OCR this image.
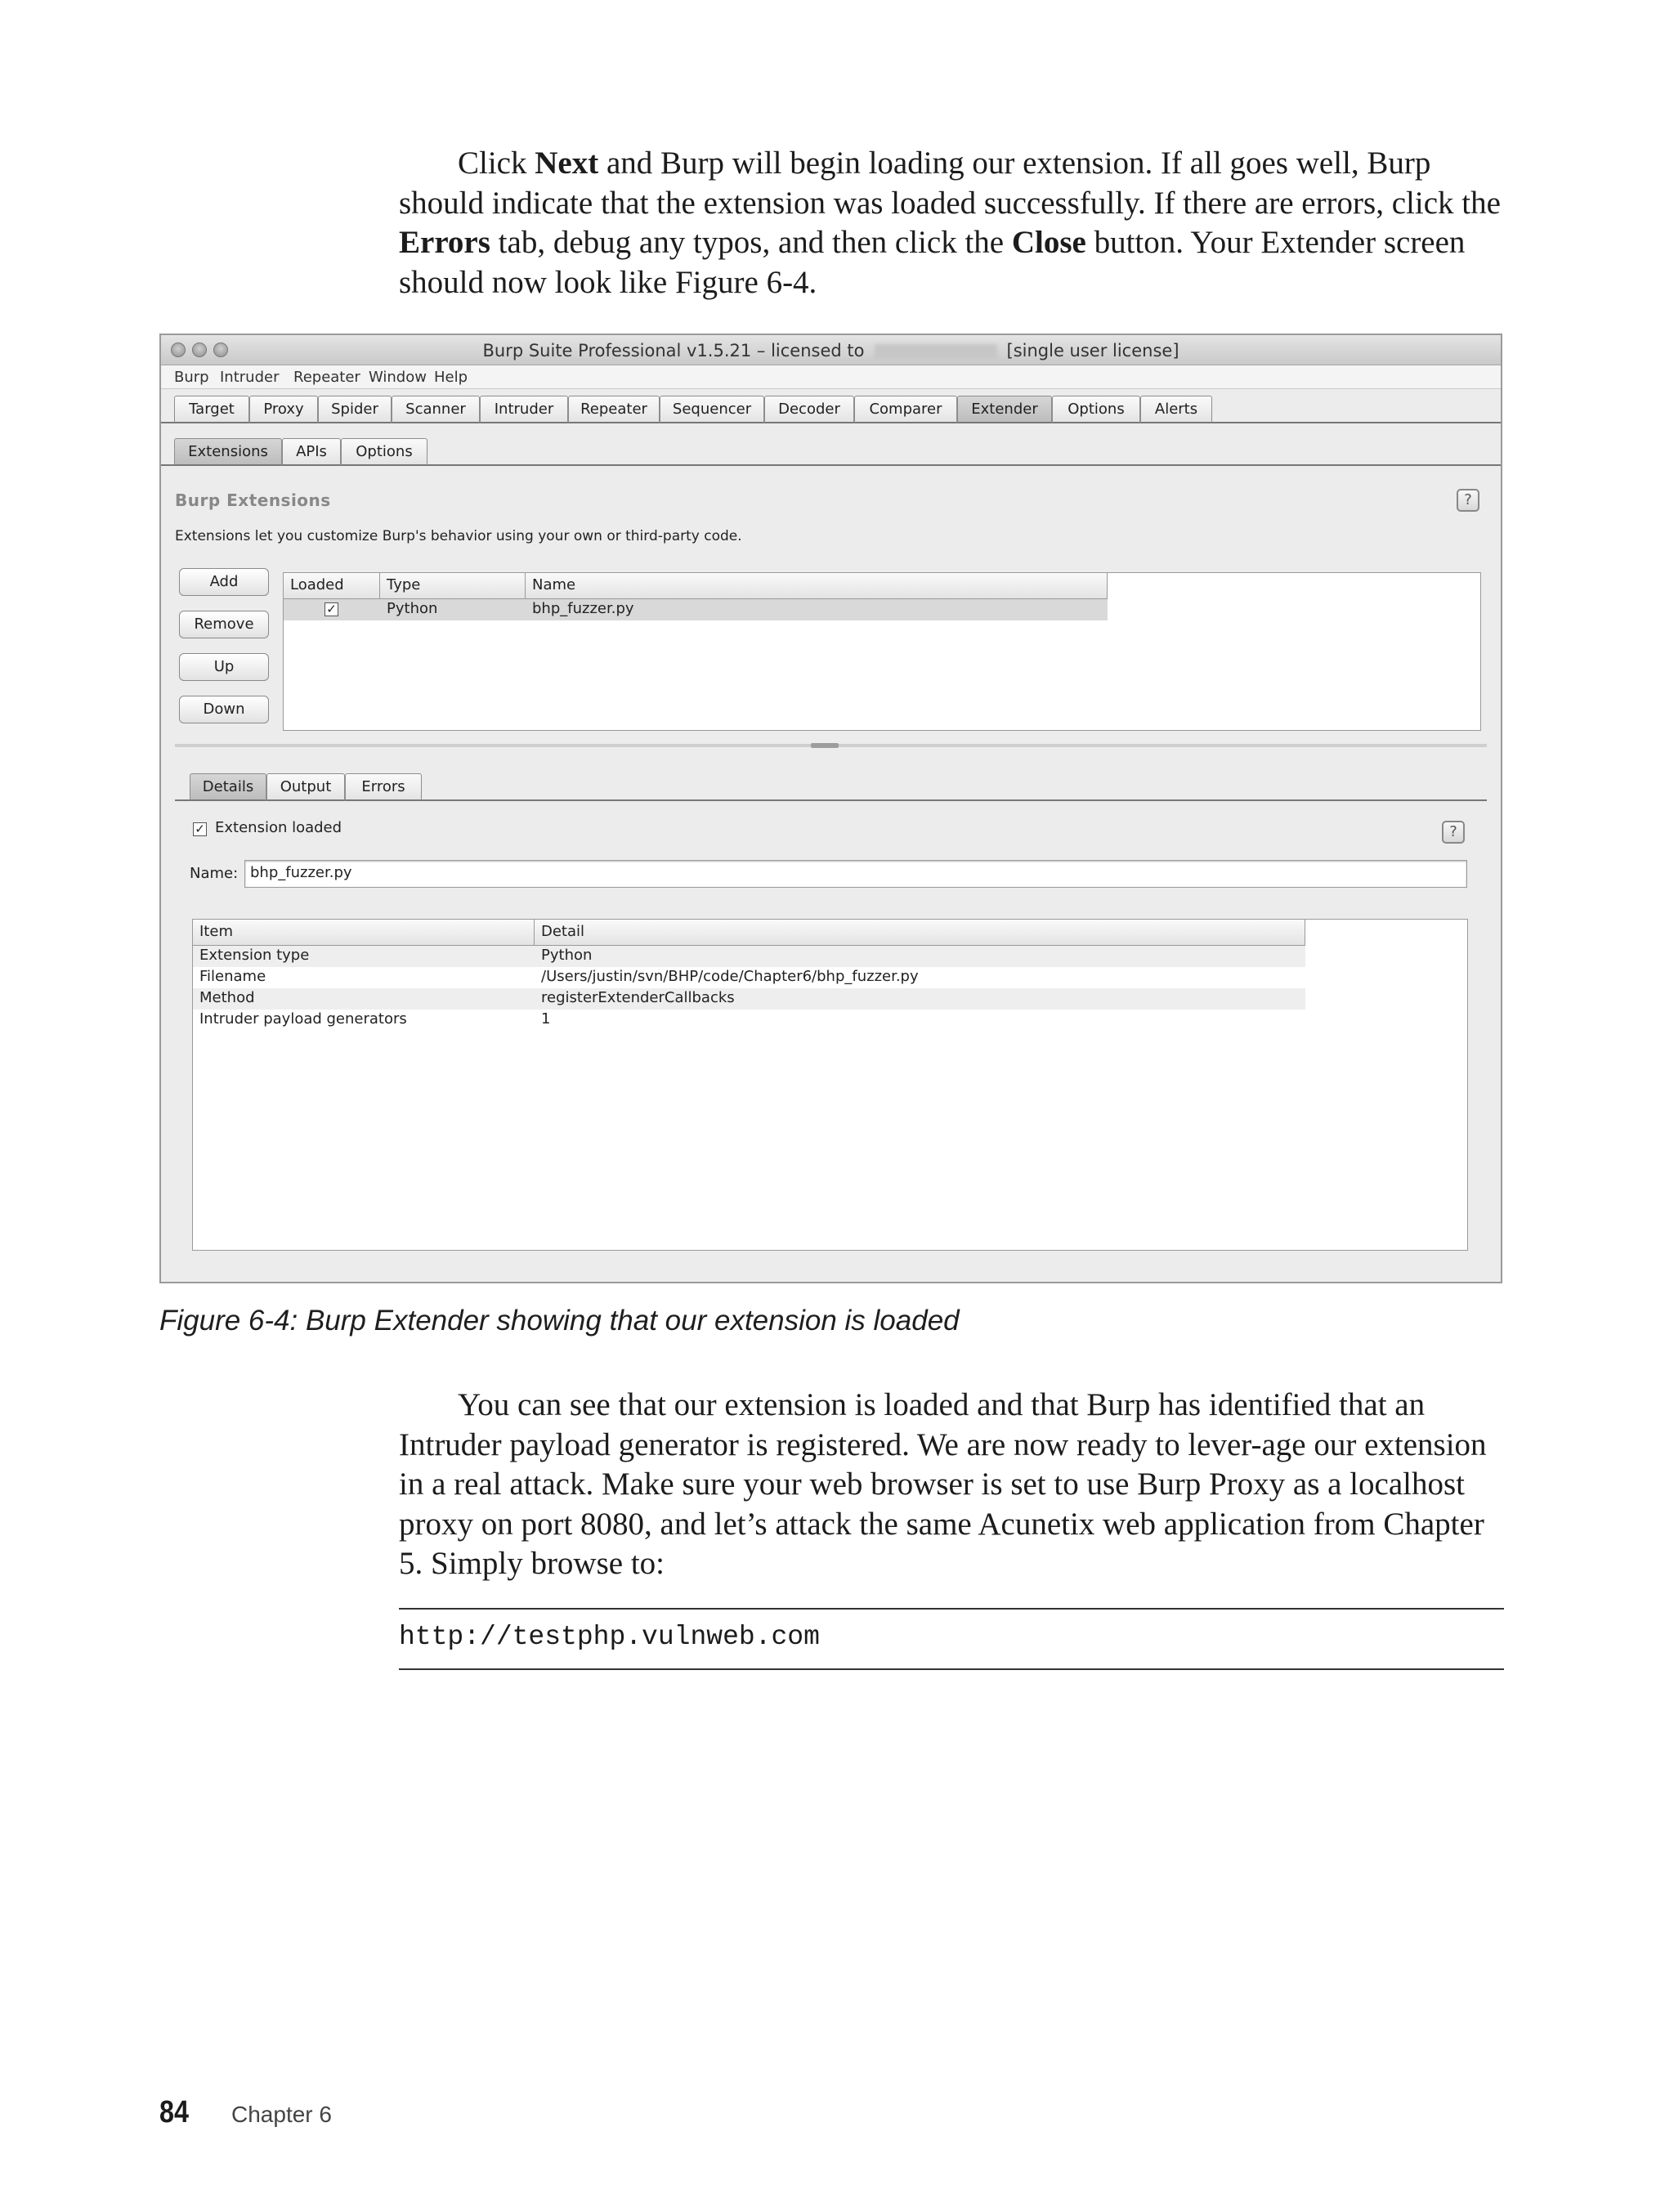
Click Next and Burp will begin loading our extension. If all goes well, Burp should indicate that the extension was loaded successfully. If there are errors, click the Errors tab, debug any typos, and then click the Close button. Your Extender screen should now look like Figure 6-4.

Burp Suite Professional v1.5.21 – licensed to	[single user license]
Burp Intruder Repeater Window Help
Target	Proxy	Spider	Scanner	Intruder	Repeater	Sequencer	Decoder	Comparer	Extender	Options	Alerts
Extensions	APIs	Options
Burp Extensions	?
Extensions let you customize Burp's behavior using your own or third-party code.
Add
Remove
Up
Down
Loaded	Type	Name
✓	Python	bhp_fuzzer.py
Details	Output	Errors
✓ Extension loaded	?
Name: bhp_fuzzer.py
Item	Detail
Extension type	Python
Filename	/Users/justin/svn/BHP/code/Chapter6/bhp_fuzzer.py
Method	registerExtenderCallbacks
Intruder payload generators	1
Figure 6-4: Burp Extender showing that our extension is loaded

You can see that our extension is loaded and that Burp has identified that an Intruder payload generator is registered. We are now ready to lever-age our extension in a real attack. Make sure your web browser is set to use Burp Proxy as a localhost proxy on port 8080, and let’s attack the same Acunetix web application from Chapter 5. Simply browse to:

http://testphp.vulnweb.com
84 Chapter 6
